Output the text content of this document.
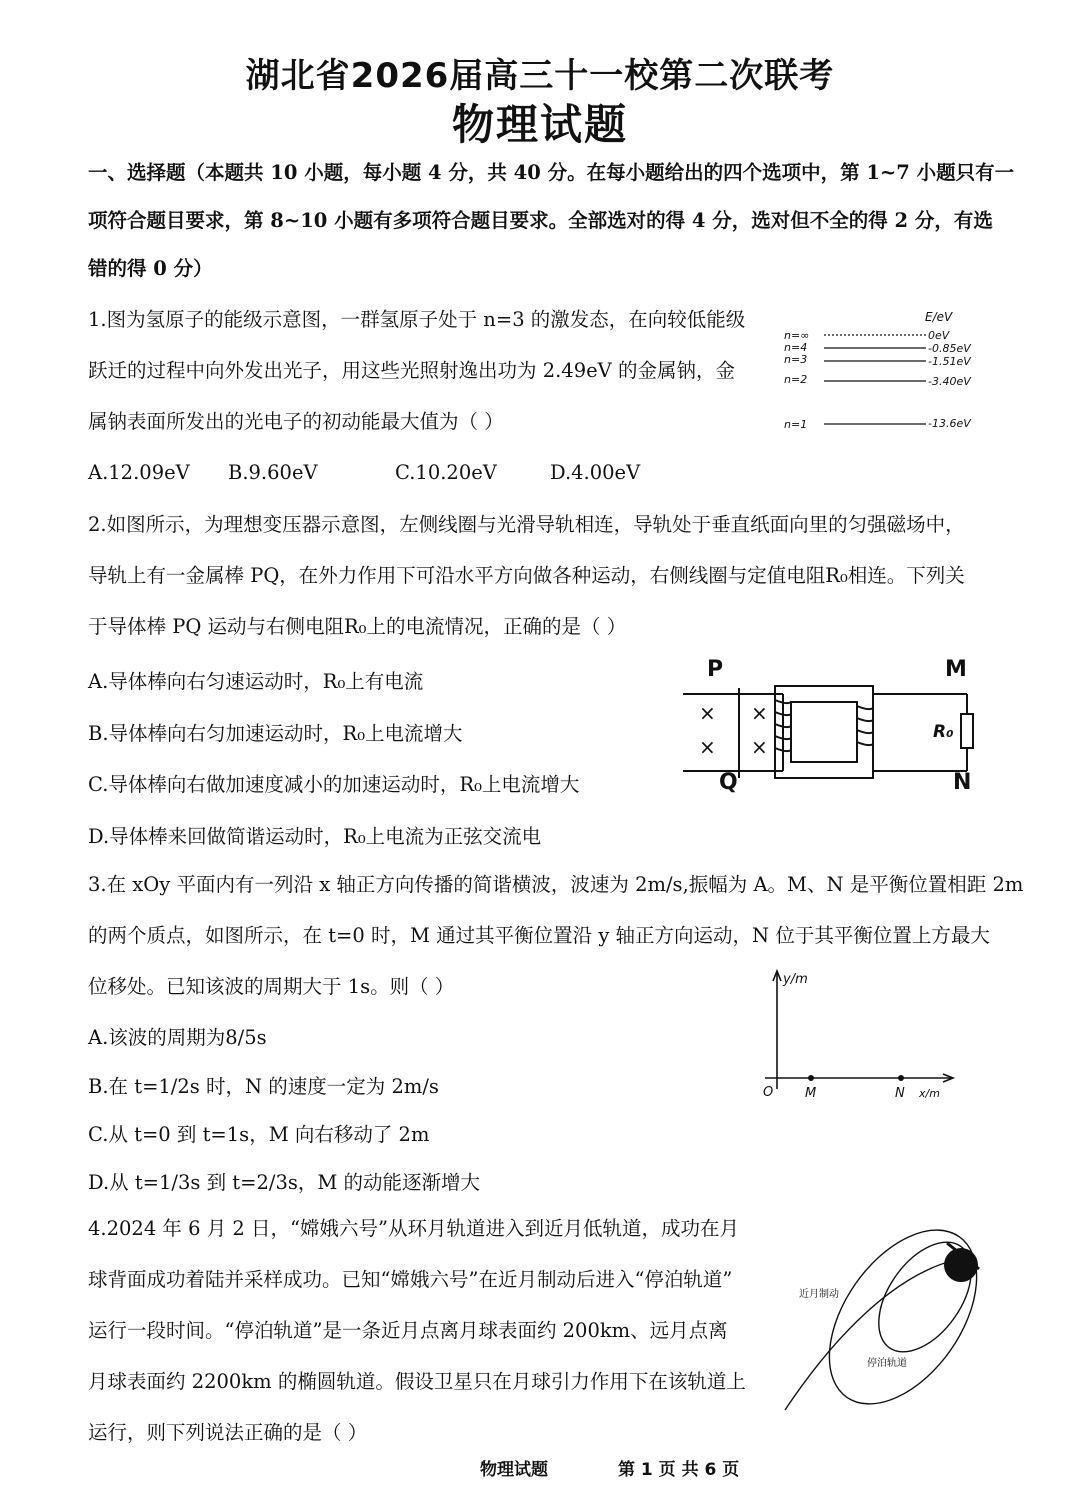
湖北省2026届高三十一校第二次联考
物理试题
一、选择题（本题共 10 小题，每小题 4 分，共 40 分。在每小题给出的四个选项中，第 1~7 小题只有一
项符合题目要求，第 8~10 小题有多项符合题目要求。全部选对的得 4 分，选对但不全的得 2 分，有选
错的得 0 分）
1.图为氢原子的能级示意图，一群氢原子处于 n=3 的激发态，在向较低能级
跃迁的过程中向外发出光子，用这些光照射逸出功为 2.49eV 的金属钠，金
属钠表面所发出的光电子的初动能最大值为（ ）
A.12.09eV B.9.60eV	C.10.20eV	D.4.00eV
E/eV
n=∞
n=4
n=3
n=2
n=1
0eV
-0.85eV
-1.51eV
-3.40eV
-13.6eV
2.如图所示，为理想变压器示意图，左侧线圈与光滑导轨相连，导轨处于垂直纸面向里的匀强磁场中，
导轨上有一金属棒 PQ，在外力作用下可沿水平方向做各种运动，右侧线圈与定值电阻R₀相连。下列关
于导体棒 PQ 运动与右侧电阻R₀上的电流情况，正确的是（ ）
A.导体棒向右匀速运动时，R₀上有电流
B.导体棒向右匀加速运动时，R₀上电流增大
C.导体棒向右做加速度减小的加速运动时，R₀上电流增大
D.导体棒来回做简谐运动时，R₀上电流为正弦交流电
P
Q
M
N
R₀
×
×
×
×
3.在 xOy 平面内有一列沿 x 轴正方向传播的简谐横波，波速为 2m/s,振幅为 A。M、N 是平衡位置相距 2m
的两个质点，如图所示，在 t=0 时，M 通过其平衡位置沿 y 轴正方向运动，N 位于其平衡位置上方最大
位移处。已知该波的周期大于 1s。则（ ）
A.该波的周期为8/5s
B.在 t=1/2s 时，N 的速度一定为 2m/s
C.从 t=0 到 t=1s，M 向右移动了 2m
D.从 t=1/3s 到 t=2/3s，M 的动能逐渐增大
y/m
O M	N x/m
4.2024 年 6 月 2 日，“嫦娥六号”从环月轨道进入到近月低轨道，成功在月
球背面成功着陆并采样成功。已知“嫦娥六号”在近月制动后进入“停泊轨道”
运行一段时间。“停泊轨道”是一条近月点离月球表面约 200km、远月点离
月球表面约 2200km 的椭圆轨道。假设卫星只在月球引力作用下在该轨道上
运行，则下列说法正确的是（ ）
近月制动
停泊轨道
物理试题	第 1 页 共 6 页
